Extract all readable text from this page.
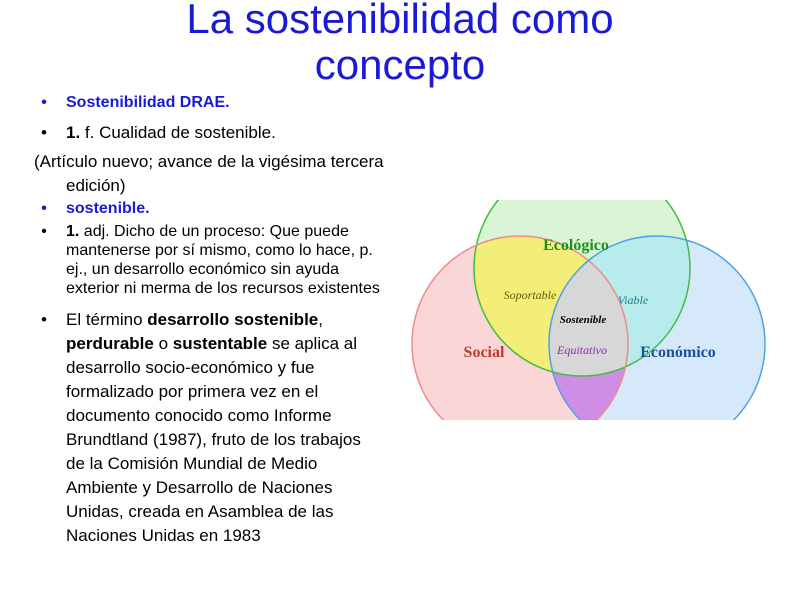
La sostenibilidad como concepto
•	Sostenibilidad DRAE.
•	1. f. Cualidad de sostenible.
(Artículo nuevo; avance de la vigésima tercera edición)
•	sostenible.
•	1. adj. Dicho de un proceso: Que puede mantenerse por sí mismo, como lo hace, p. ej., un desarrollo económico sin ayuda exterior ni merma de los recursos existentes
•	El término desarrollo sostenible, perdurable o sustentable se aplica al desarrollo socio-económico y fue formalizado por primera vez en el documento conocido como Informe Brundtland (1987), fruto de los trabajos de la Comisión Mundial de Medio Ambiente y Desarrollo de Naciones Unidas, creada en Asamblea de las Naciones Unidas en 1983
Ecológico
Social	Económico
Soportable	Viable
Equitativo
Sostenible
